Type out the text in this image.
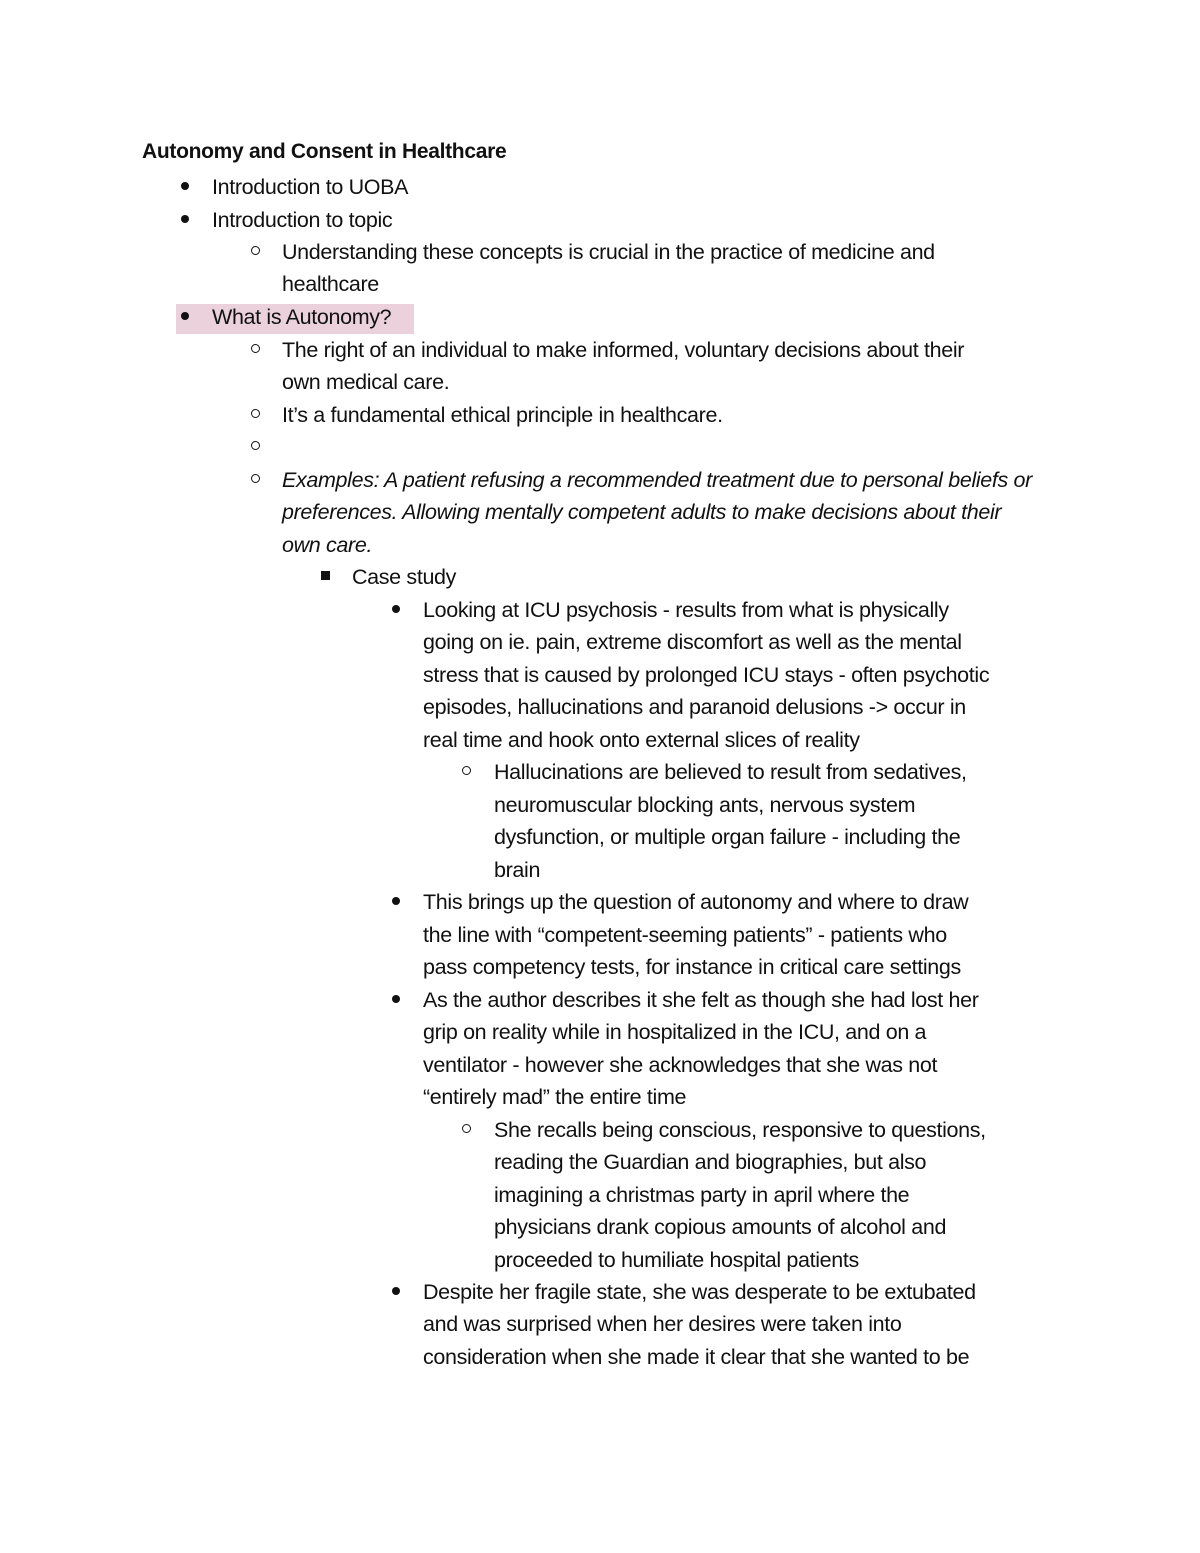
Autonomy and Consent in Healthcare
Introduction to UOBA
Introduction to topic
Understanding these concepts is crucial in the practice of medicine and
healthcare
What is Autonomy?
The right of an individual to make informed, voluntary decisions about their
own medical care.
It’s a fundamental ethical principle in healthcare.
Examples: A patient refusing a recommended treatment due to personal beliefs or
preferences. Allowing mentally competent adults to make decisions about their
own care.
Case study
Looking at ICU psychosis - results from what is physically
going on ie. pain, extreme discomfort as well as the mental
stress that is caused by prolonged ICU stays - often psychotic
episodes, hallucinations and paranoid delusions -> occur in
real time and hook onto external slices of reality
Hallucinations are believed to result from sedatives,
neuromuscular blocking ants, nervous system
dysfunction, or multiple organ failure - including the
brain
This brings up the question of autonomy and where to draw
the line with “competent-seeming patients” - patients who
pass competency tests, for instance in critical care settings
As the author describes it she felt as though she had lost her
grip on reality while in hospitalized in the ICU, and on a
ventilator - however she acknowledges that she was not
“entirely mad” the entire time
She recalls being conscious, responsive to questions,
reading the Guardian and biographies, but also
imagining a christmas party in april where the
physicians drank copious amounts of alcohol and
proceeded to humiliate hospital patients
Despite her fragile state, she was desperate to be extubated
and was surprised when her desires were taken into
consideration when she made it clear that she wanted to be
